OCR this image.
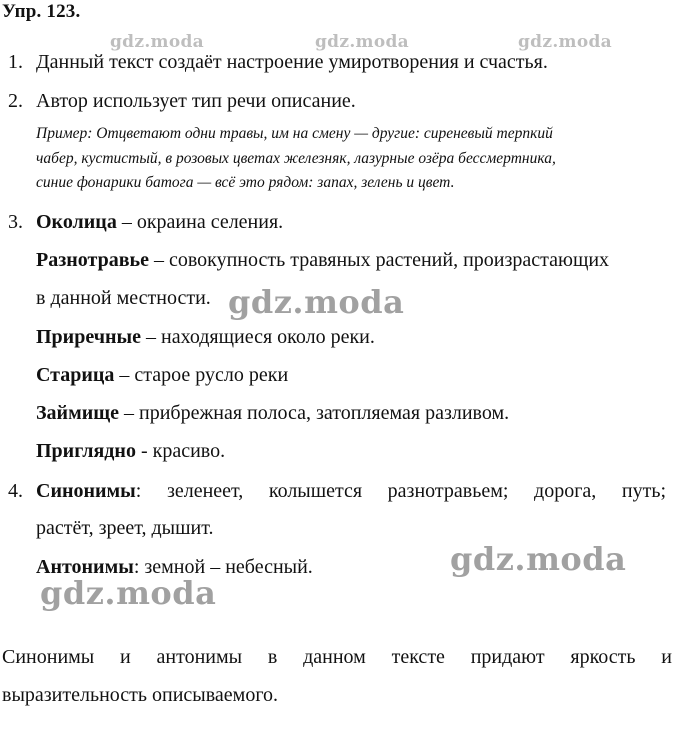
Упр. 123.
gdz.moda	gdz.moda	gdz.moda
1. Данный текст создаёт настроение умиротворения и счастья.
2. Автор использует тип речи описание.
Пример: Отцветают одни травы, им на смену — другие: сиреневый терпкий
чабер, кустистый, в розовых цветах железняк, лазурные озёра бессмертника,
синие фонарики батога — всё это рядом: запах, зелень и цвет.
3. Околица – окраина селения.
Разнотравье – совокупность травяных растений, произрастающих
в данной местности. gdz.moda
Приречные – находящиеся около реки.
Старица – старое русло реки
Займище – прибрежная полоса, затопляемая разливом.
Приглядно - красиво.
4. Синонимы: зеленеет, колышется разнотравьем; дорога, путь;
растёт, зреет, дышит.
Антонимы: земной – небесный.	gdz.moda
gdz.moda
Синонимы и антонимы в данном тексте придают яркость и
выразительность описываемого.
